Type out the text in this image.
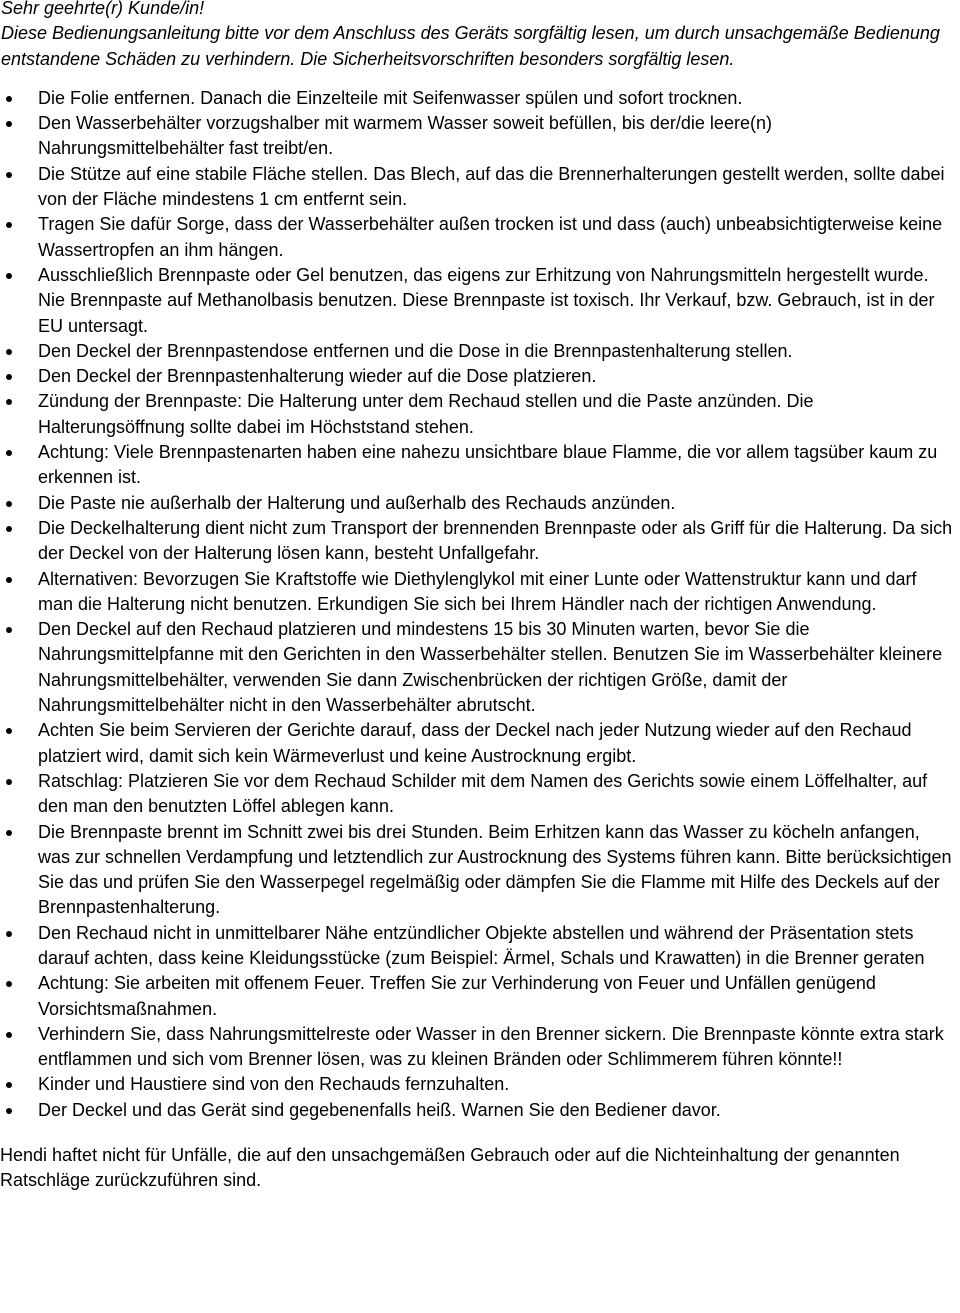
Sehr geehrte(r) Kunde/in!

Diese Bedienungsanleitung bitte vor dem Anschluss des Geräts sorgfältig lesen, um durch unsachgemäße Bedienung entstandene Schäden zu verhindern. Die Sicherheitsvorschriften besonders sorgfältig lesen.

Die Folie entfernen. Danach die Einzelteile mit Seifenwasser spülen und sofort trocknen.
Den Wasserbehälter vorzugshalber mit warmem Wasser soweit befüllen, bis der/die leere(n) Nahrungsmittelbehälter fast treibt/en.
Die Stütze auf eine stabile Fläche stellen. Das Blech, auf das die Brennerhalterungen gestellt werden, sollte dabei von der Fläche mindestens 1 cm entfernt sein.
Tragen Sie dafür Sorge, dass der Wasserbehälter außen trocken ist und dass (auch) unbeabsichtigterweise keine Wassertropfen an ihm hängen.
Ausschließlich Brennpaste oder Gel benutzen, das eigens zur Erhitzung von Nahrungsmitteln hergestellt wurde. Nie Brennpaste auf Methanolbasis benutzen. Diese Brennpaste ist toxisch. Ihr Verkauf, bzw. Gebrauch, ist in der EU untersagt.
Den Deckel der Brennpastendose entfernen und die Dose in die Brennpastenhalterung stellen.
Den Deckel der Brennpastenhalterung wieder auf die Dose platzieren.
Zündung der Brennpaste: Die Halterung unter dem Rechaud stellen und die Paste anzünden. Die Halterungsöffnung sollte dabei im Höchststand stehen.
Achtung: Viele Brennpastenarten haben eine nahezu unsichtbare blaue Flamme, die vor allem tagsüber kaum zu erkennen ist.
Die Paste nie außerhalb der Halterung und außerhalb des Rechauds anzünden.
Die Deckelhalterung dient nicht zum Transport der brennenden Brennpaste oder als Griff für die Halterung. Da sich der Deckel von der Halterung lösen kann, besteht Unfallgefahr.
Alternativen: Bevorzugen Sie Kraftstoffe wie Diethylenglykol mit einer Lunte oder Wattenstruktur kann und darf man die Halterung nicht benutzen. Erkundigen Sie sich bei Ihrem Händler nach der richtigen Anwendung.
Den Deckel auf den Rechaud platzieren und mindestens 15 bis 30 Minuten warten, bevor Sie die Nahrungsmittelpfanne mit den Gerichten in den Wasserbehälter stellen. Benutzen Sie im Wasserbehälter kleinere Nahrungsmittelbehälter, verwenden Sie dann Zwischenbrücken der richtigen Größe, damit der Nahrungsmittelbehälter nicht in den Wasserbehälter abrutscht.
Achten Sie beim Servieren der Gerichte darauf, dass der Deckel nach jeder Nutzung wieder auf den Rechaud platziert wird, damit sich kein Wärmeverlust und keine Austrocknung ergibt.
Ratschlag: Platzieren Sie vor dem Rechaud Schilder mit dem Namen des Gerichts sowie einem Löffelhalter, auf den man den benutzten Löffel ablegen kann.
Die Brennpaste brennt im Schnitt zwei bis drei Stunden. Beim Erhitzen kann das Wasser zu köcheln anfangen, was zur schnellen Verdampfung und letztendlich zur Austrocknung des Systems führen kann. Bitte berücksichtigen Sie das und prüfen Sie den Wasserpegel regelmäßig oder dämpfen Sie die Flamme mit Hilfe des Deckels auf der Brennpastenhalterung.
Den Rechaud nicht in unmittelbarer Nähe entzündlicher Objekte abstellen und während der Präsentation stets darauf achten, dass keine Kleidungsstücke (zum Beispiel: Ärmel, Schals und Krawatten) in die Brenner geraten
Achtung: Sie arbeiten mit offenem Feuer. Treffen Sie zur Verhinderung von Feuer und Unfällen genügend Vorsichtsmaßnahmen.
Verhindern Sie, dass Nahrungsmittelreste oder Wasser in den Brenner sickern. Die Brennpaste könnte extra stark entflammen und sich vom Brenner lösen, was zu kleinen Bränden oder Schlimmerem führen könnte!!
Kinder und Haustiere sind von den Rechauds fernzuhalten.
Der Deckel und das Gerät sind gegebenenfalls heiß. Warnen Sie den Bediener davor.

Hendi haftet nicht für Unfälle, die auf den unsachgemäßen Gebrauch oder auf die Nichteinhaltung der genannten Ratschläge zurückzuführen sind.
